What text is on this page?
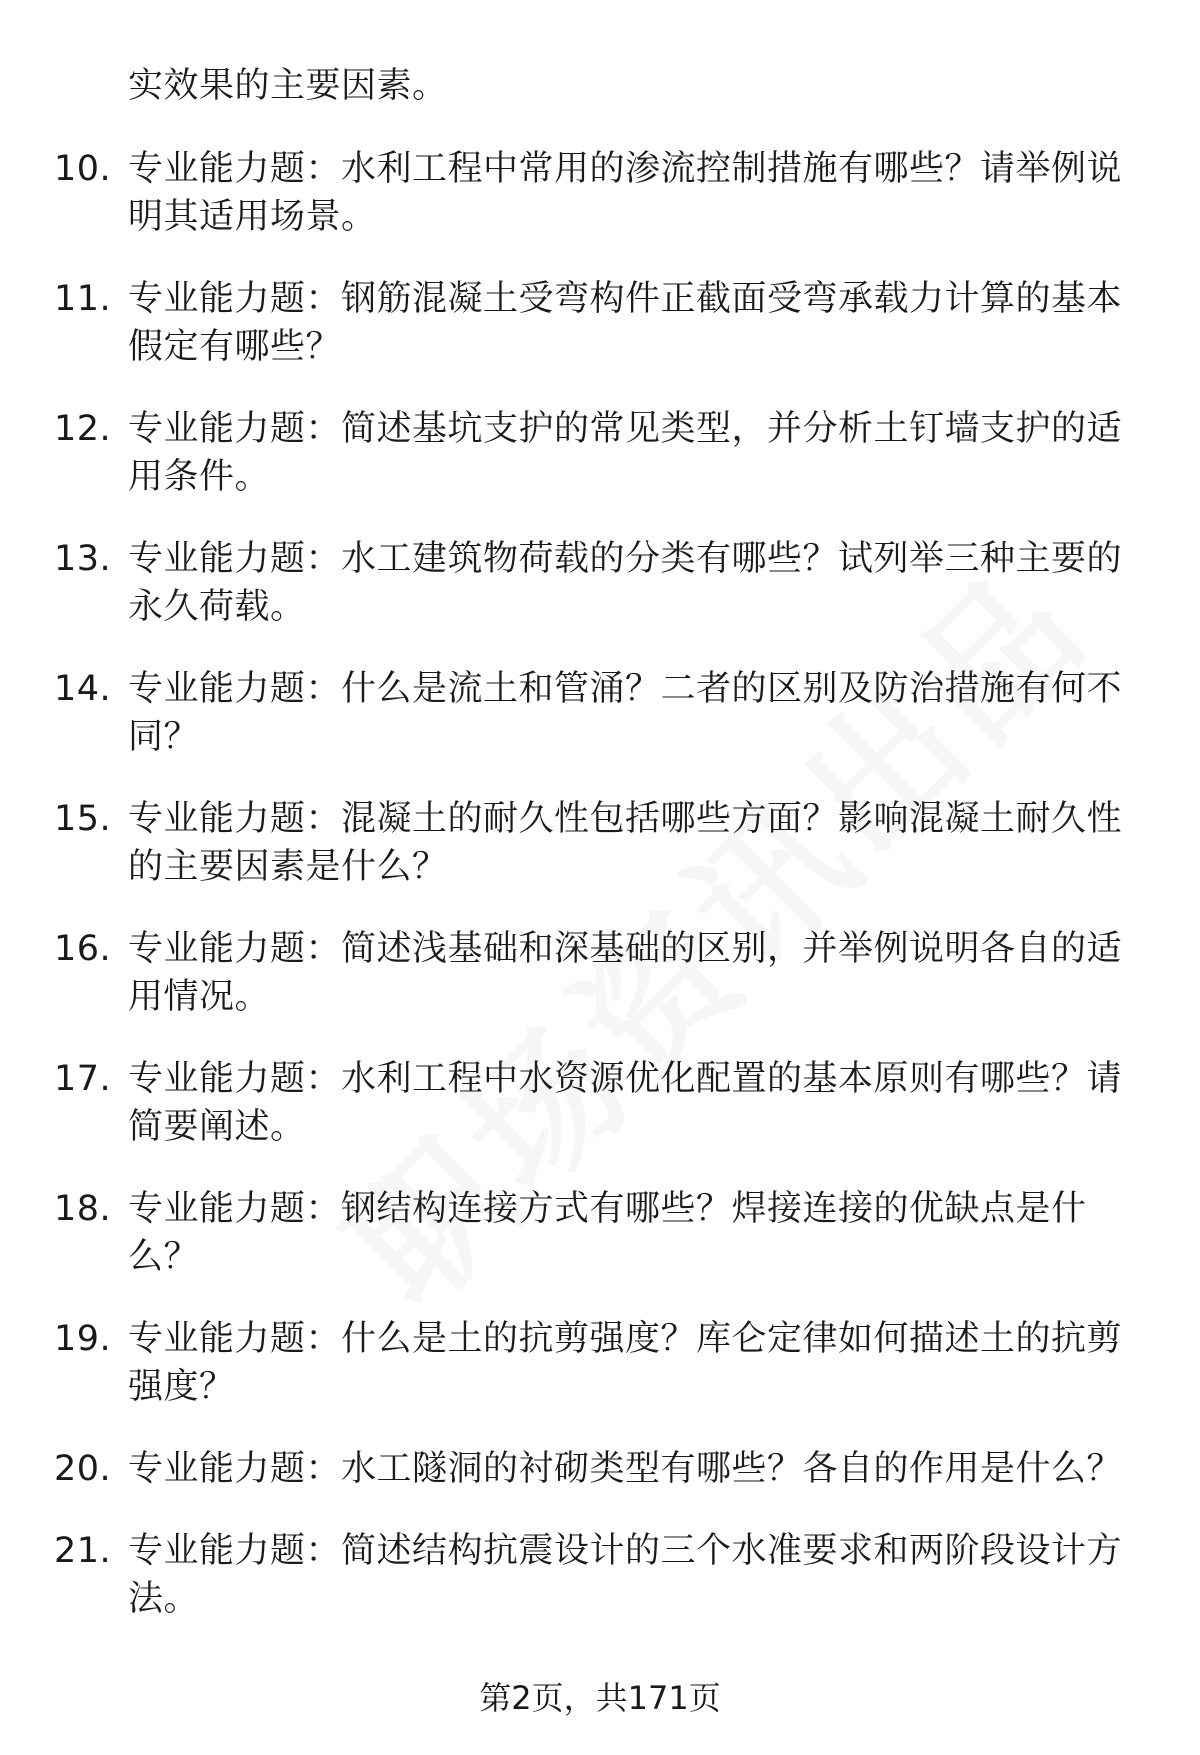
实效果的主要因素。
10. 专业能力题：水利工程中常用的渗流控制措施有哪些？请举例说明其适用场景。
11. 专业能力题：钢筋混凝土受弯构件正截面受弯承载力计算的基本假定有哪些？
12. 专业能力题：简述基坑支护的常见类型，并分析土钉墙支护的适用条件。
13. 专业能力题：水工建筑物荷载的分类有哪些？试列举三种主要的永久荷载。
14. 专业能力题：什么是流土和管涌？二者的区别及防治措施有何不同？
15. 专业能力题：混凝土的耐久性包括哪些方面？影响混凝土耐久性的主要因素是什么？
16. 专业能力题：简述浅基础和深基础的区别，并举例说明各自的适用情况。
17. 专业能力题：水利工程中水资源优化配置的基本原则有哪些？请简要阐述。
18. 专业能力题：钢结构连接方式有哪些？焊接连接的优缺点是什么？
19. 专业能力题：什么是土的抗剪强度？库仑定律如何描述土的抗剪强度？
20. 专业能力题：水工隧洞的衬砌类型有哪些？各自的作用是什么？
21. 专业能力题：简述结构抗震设计的三个水准要求和两阶段设计方法。
第2页，共171页
